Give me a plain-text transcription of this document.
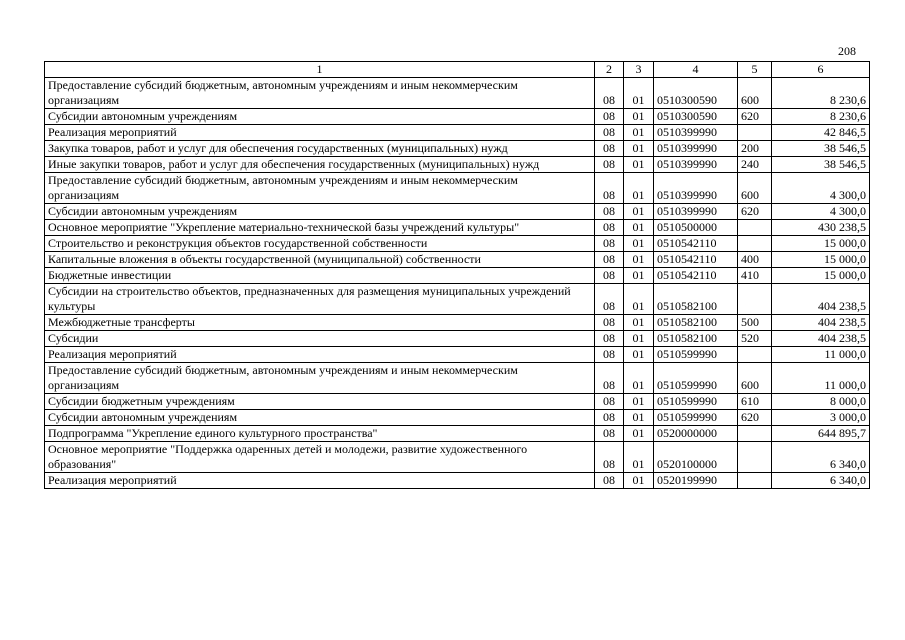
208
1	2	3	4	5	6
Предоставление субсидий бюджетным, автономным учреждениям и иным некоммерческим организациям	08	01	0510300590	600	8 230,6
Субсидии автономным учреждениям	08	01	0510300590	620	8 230,6
Реализация мероприятий	08	01	0510399990		42 846,5
Закупка товаров, работ и услуг для обеспечения государственных (муниципальных) нужд	08	01	0510399990	200	38 546,5
Иные закупки товаров, работ и услуг для обеспечения государственных (муниципальных) нужд	08	01	0510399990	240	38 546,5
Предоставление субсидий бюджетным, автономным учреждениям и иным некоммерческим организациям	08	01	0510399990	600	4 300,0
Субсидии автономным учреждениям	08	01	0510399990	620	4 300,0
Основное мероприятие "Укрепление материально-технической базы учреждений культуры"	08	01	0510500000		430 238,5
Строительство и реконструкция объектов государственной собственности	08	01	0510542110		15 000,0
Капитальные вложения в объекты государственной (муниципальной) собственности	08	01	0510542110	400	15 000,0
Бюджетные инвестиции	08	01	0510542110	410	15 000,0
Субсидии на строительство объектов, предназначенных для размещения муниципальных учреждений культуры	08	01	0510582100		404 238,5
Межбюджетные трансферты	08	01	0510582100	500	404 238,5
Субсидии	08	01	0510582100	520	404 238,5
Реализация мероприятий	08	01	0510599990		11 000,0
Предоставление субсидий бюджетным, автономным учреждениям и иным некоммерческим организациям	08	01	0510599990	600	11 000,0
Субсидии бюджетным учреждениям	08	01	0510599990	610	8 000,0
Субсидии автономным учреждениям	08	01	0510599990	620	3 000,0
Подпрограмма "Укрепление единого культурного пространства"	08	01	0520000000		644 895,7
Основное мероприятие "Поддержка одаренных детей и молодежи, развитие художественного образования"	08	01	0520100000		6 340,0
Реализация мероприятий	08	01	0520199990		6 340,0
